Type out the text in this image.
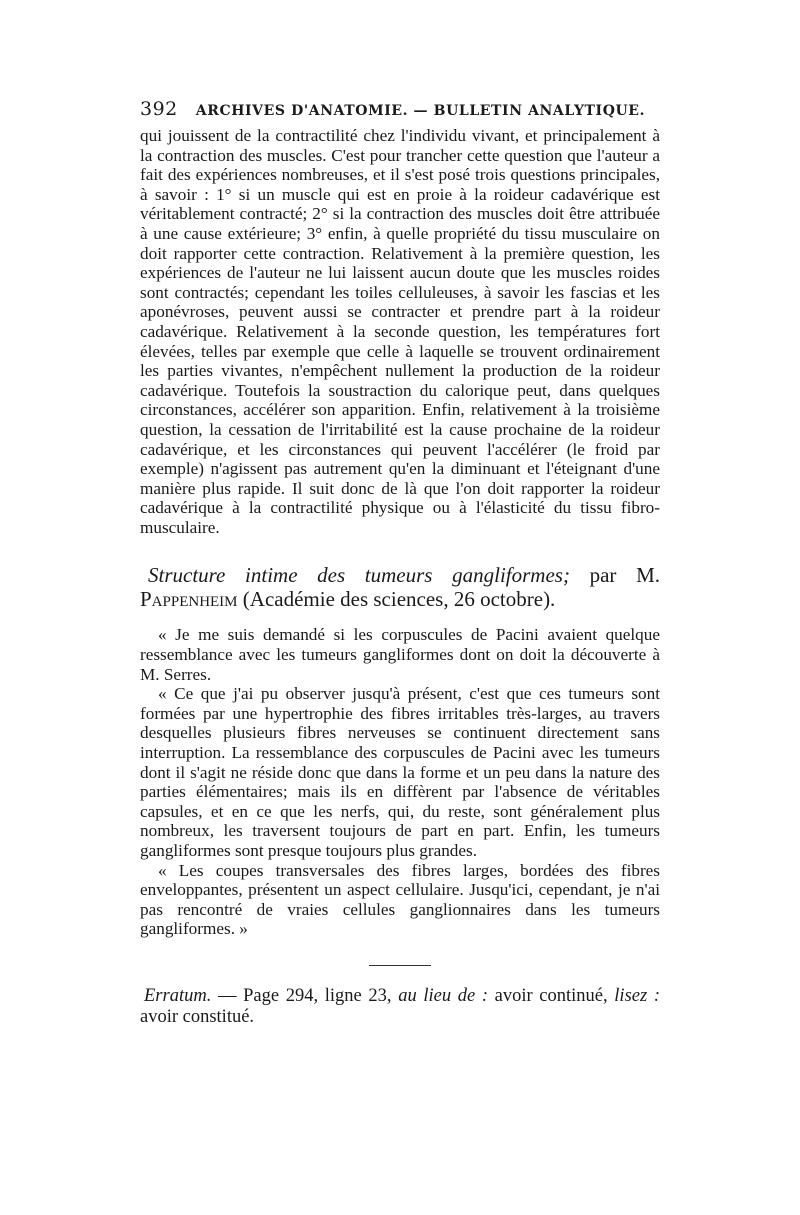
392 ARCHIVES D'ANATOMIE. — BULLETIN ANALYTIQUE.

qui jouissent de la contractilité chez l'individu vivant, et principalement à la contraction des muscles. C'est pour trancher cette question que l'auteur a fait des expériences nombreuses, et il s'est posé trois questions principales, à savoir : 1° si un muscle qui est en proie à la roideur cadavérique est véritablement contracté; 2° si la contraction des muscles doit être attribuée à une cause extérieure; 3° enfin, à quelle propriété du tissu musculaire on doit rapporter cette contraction. Relativement à la première question, les expériences de l'auteur ne lui laissent aucun doute que les muscles roides sont contractés; cependant les toiles celluleuses, à savoir les fascias et les aponévroses, peuvent aussi se contracter et prendre part à la roideur cadavérique. Relativement à la seconde question, les températures fort élevées, telles par exemple que celle à laquelle se trouvent ordinairement les parties vivantes, n'empêchent nullement la production de la roideur cadavérique. Toutefois la soustraction du calorique peut, dans quelques circonstances, accélérer son apparition. Enfin, relativement à la troisième question, la cessation de l'irritabilité est la cause prochaine de la roideur cadavérique, et les circonstances qui peuvent l'accélérer (le froid par exemple) n'agissent pas autrement qu'en la diminuant et l'éteignant d'une manière plus rapide. Il suit donc de là que l'on doit rapporter la roideur cadavérique à la contractilité physique ou à l'élasticité du tissu fibro-musculaire.

Structure intime des tumeurs gangliformes; par M. Pappenheim (Académie des sciences, 26 octobre).

« Je me suis demandé si les corpuscules de Pacini avaient quelque ressemblance avec les tumeurs gangliformes dont on doit la découverte à M. Serres.

« Ce que j'ai pu observer jusqu'à présent, c'est que ces tumeurs sont formées par une hypertrophie des fibres irritables très-larges, au travers desquelles plusieurs fibres nerveuses se continuent directement sans interruption. La ressemblance des corpuscules de Pacini avec les tumeurs dont il s'agit ne réside donc que dans la forme et un peu dans la nature des parties élémentaires; mais ils en diffèrent par l'absence de véritables capsules, et en ce que les nerfs, qui, du reste, sont généralement plus nombreux, les traversent toujours de part en part. Enfin, les tumeurs gangliformes sont presque toujours plus grandes.

« Les coupes transversales des fibres larges, bordées des fibres enveloppantes, présentent un aspect cellulaire. Jusqu'ici, cependant, je n'ai pas rencontré de vraies cellules ganglionnaires dans les tumeurs gangliformes. »

Erratum. — Page 294, ligne 23, au lieu de : avoir continué, lisez : avoir constitué.
